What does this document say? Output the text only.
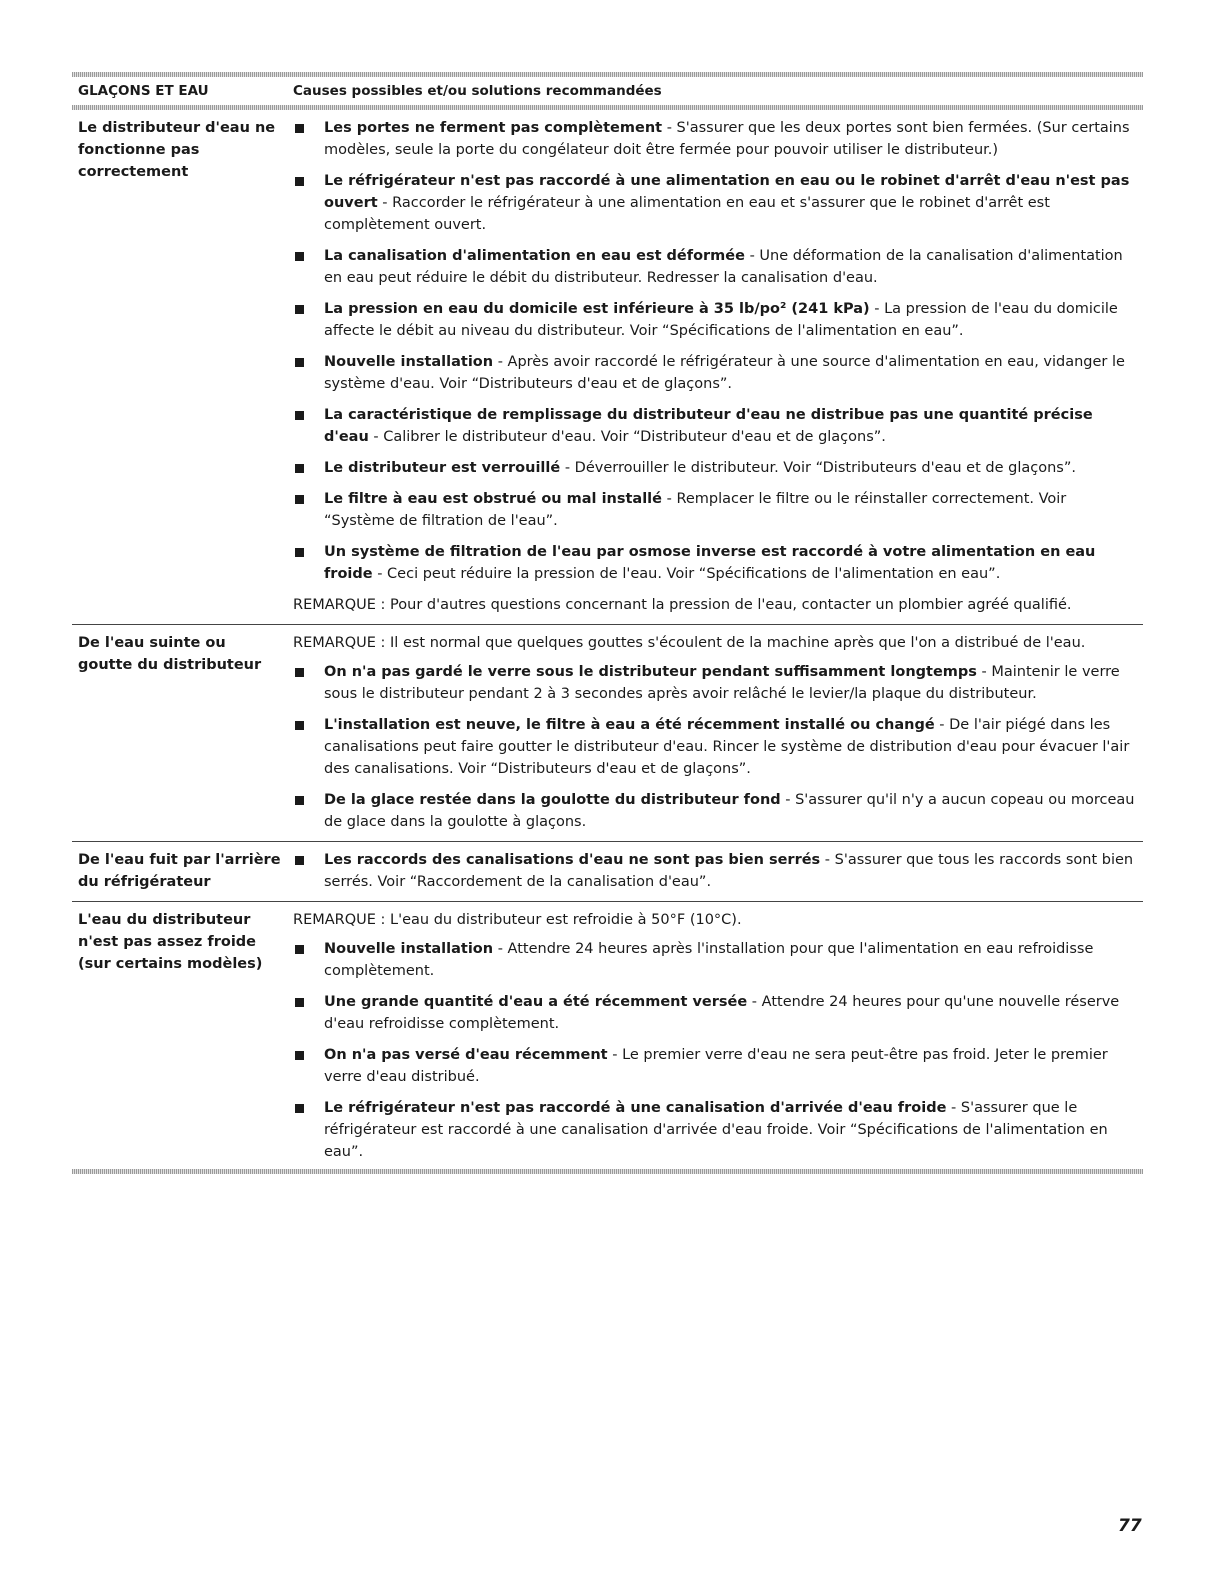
GLAÇONS ET EAU	Causes possibles et/ou solutions recommandées
Le distributeur d'eau ne fonctionne pas correctement
Les portes ne ferment pas complètement - S'assurer que les deux portes sont bien fermées. (Sur certains modèles, seule la porte du congélateur doit être fermée pour pouvoir utiliser le distributeur.)
Le réfrigérateur n'est pas raccordé à une alimentation en eau ou le robinet d'arrêt d'eau n'est pas ouvert - Raccorder le réfrigérateur à une alimentation en eau et s'assurer que le robinet d'arrêt est complètement ouvert.
La canalisation d'alimentation en eau est déformée - Une déformation de la canalisation d'alimentation en eau peut réduire le débit du distributeur. Redresser la canalisation d'eau.
La pression en eau du domicile est inférieure à 35 lb/po² (241 kPa) - La pression de l'eau du domicile affecte le débit au niveau du distributeur. Voir “Spécifications de l'alimentation en eau”.
Nouvelle installation - Après avoir raccordé le réfrigérateur à une source d'alimentation en eau, vidanger le système d'eau. Voir “Distributeurs d'eau et de glaçons”.
La caractéristique de remplissage du distributeur d'eau ne distribue pas une quantité précise d'eau - Calibrer le distributeur d'eau. Voir “Distributeur d'eau et de glaçons”.
Le distributeur est verrouillé - Déverrouiller le distributeur. Voir “Distributeurs d'eau et de glaçons”.
Le filtre à eau est obstrué ou mal installé - Remplacer le filtre ou le réinstaller correctement. Voir “Système de filtration de l'eau”.
Un système de filtration de l'eau par osmose inverse est raccordé à votre alimentation en eau froide - Ceci peut réduire la pression de l'eau. Voir “Spécifications de l'alimentation en eau”.
REMARQUE : Pour d'autres questions concernant la pression de l'eau, contacter un plombier agréé qualifié.
De l'eau suinte ou goutte du distributeur
REMARQUE : Il est normal que quelques gouttes s'écoulent de la machine après que l'on a distribué de l'eau.
On n'a pas gardé le verre sous le distributeur pendant suffisamment longtemps - Maintenir le verre sous le distributeur pendant 2 à 3 secondes après avoir relâché le levier/la plaque du distributeur.
L'installation est neuve, le filtre à eau a été récemment installé ou changé - De l'air piégé dans les canalisations peut faire goutter le distributeur d'eau. Rincer le système de distribution d'eau pour évacuer l'air des canalisations. Voir “Distributeurs d'eau et de glaçons”.
De la glace restée dans la goulotte du distributeur fond - S'assurer qu'il n'y a aucun copeau ou morceau de glace dans la goulotte à glaçons.
De l'eau fuit par l'arrière du réfrigérateur
Les raccords des canalisations d'eau ne sont pas bien serrés - S'assurer que tous les raccords sont bien serrés. Voir “Raccordement de la canalisation d'eau”.
L'eau du distributeur n'est pas assez froide (sur certains modèles)
REMARQUE : L'eau du distributeur est refroidie à 50°F (10°C).
Nouvelle installation - Attendre 24 heures après l'installation pour que l'alimentation en eau refroidisse complètement.
Une grande quantité d'eau a été récemment versée - Attendre 24 heures pour qu'une nouvelle réserve d'eau refroidisse complètement.
On n'a pas versé d'eau récemment - Le premier verre d'eau ne sera peut-être pas froid. Jeter le premier verre d'eau distribué.
Le réfrigérateur n'est pas raccordé à une canalisation d'arrivée d'eau froide - S'assurer que le réfrigérateur est raccordé à une canalisation d'arrivée d'eau froide. Voir “Spécifications de l'alimentation en eau”.
77
